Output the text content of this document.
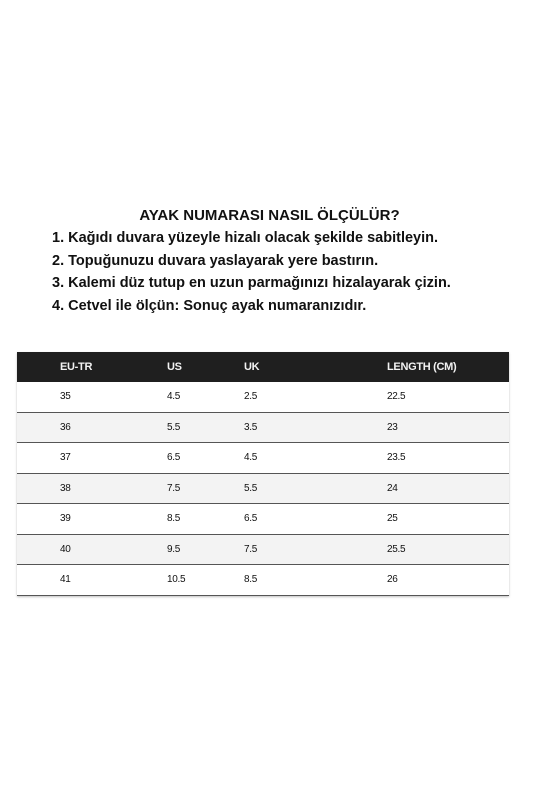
AYAK NUMARASI NASIL ÖLÇÜLÜR?
1. Kağıdı duvara yüzeyle hizalı olacak şekilde sabitleyin.
2. Topuğunuzu duvara yaslayarak yere bastırın.
3. Kalemi düz tutup en uzun parmağınızı hizalayarak çizin.
4. Cetvel ile ölçün: Sonuç ayak numaranızıdır.
EU-TR	US	UK	LENGTH (CM)
35	4.5	2.5	22.5
36	5.5	3.5	23
37	6.5	4.5	23.5
38	7.5	5.5	24
39	8.5	6.5	25
40	9.5	7.5	25.5
41	10.5	8.5	26
